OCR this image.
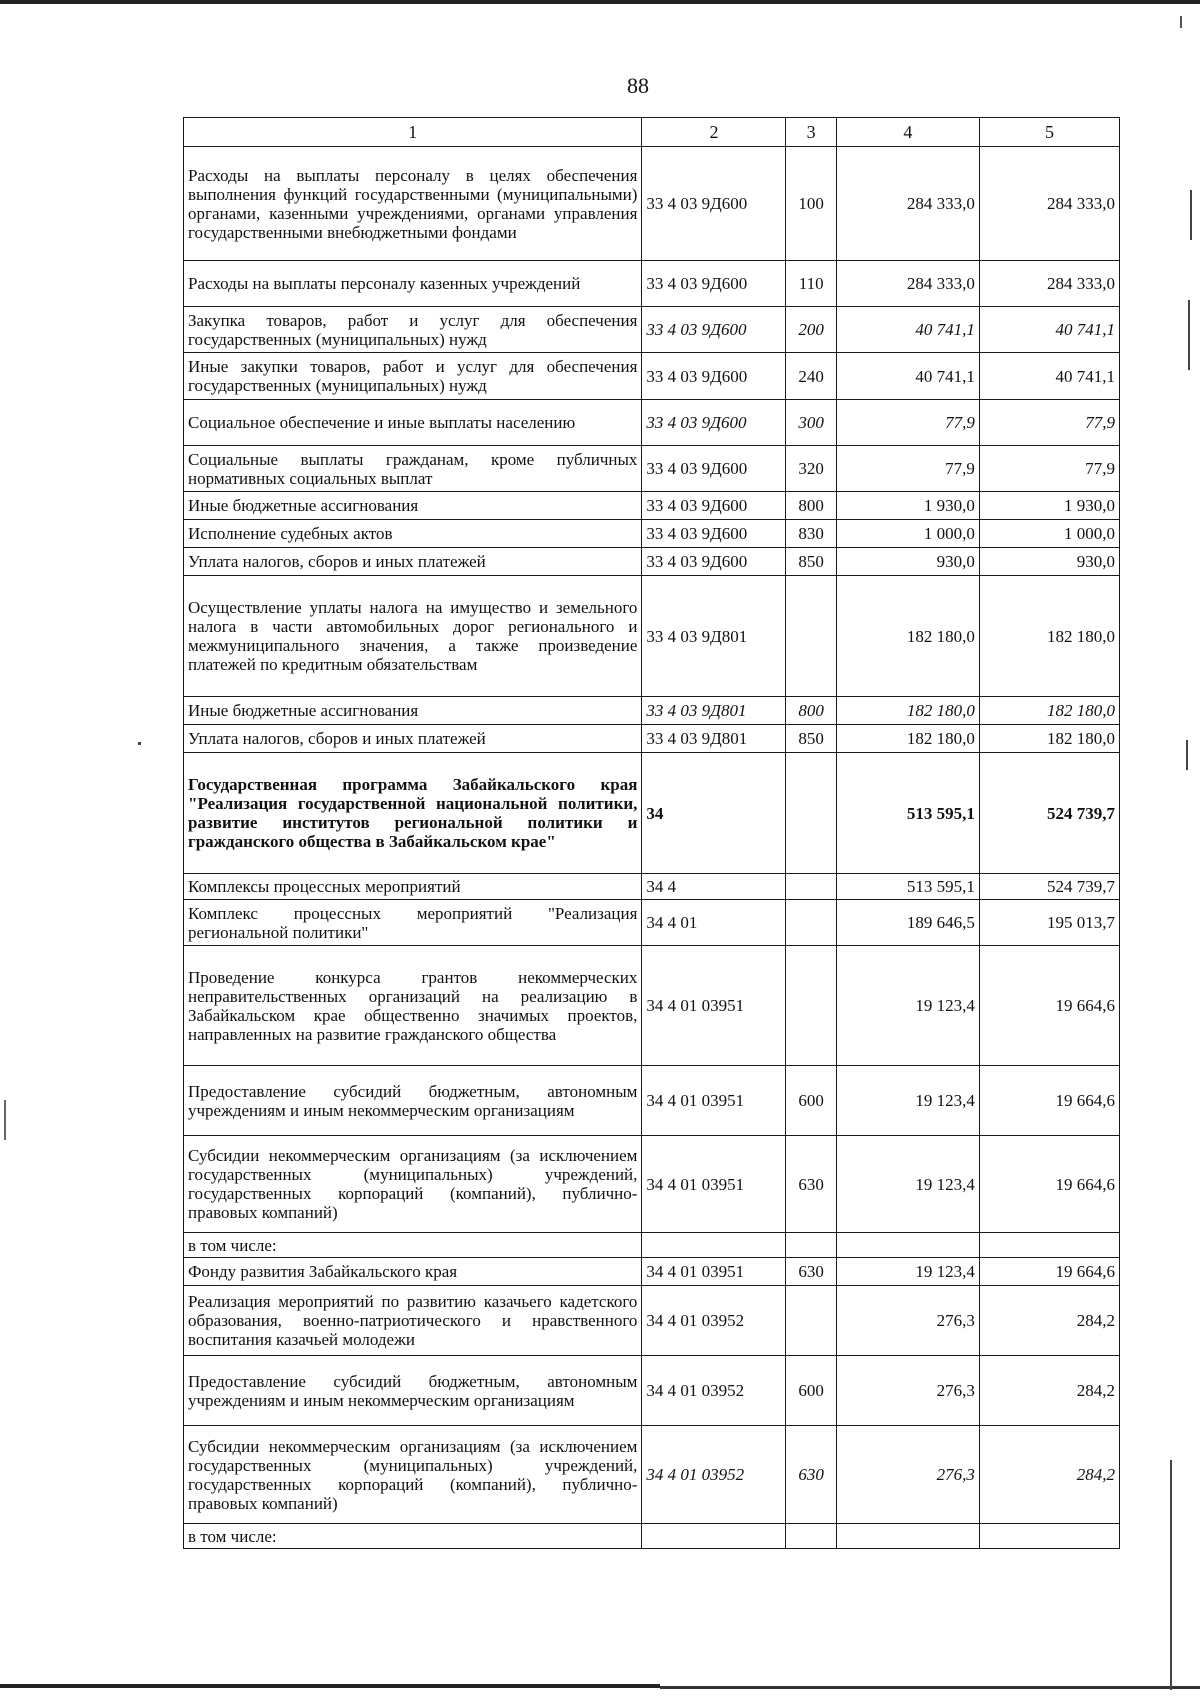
88
1	2	3	4	5
Расходы на выплаты персоналу в целях обеспечения выполнения функций государственными (муниципальными) органами, казенными учреждениями, органами управления государственными внебюджетными фондами	33 4 03 9Д600	100	284 333,0	284 333,0
Расходы на выплаты персоналу казенных учреждений	33 4 03 9Д600	110	284 333,0	284 333,0
Закупка товаров, работ и услуг для обеспечения государственных (муниципальных) нужд	33 4 03 9Д600	200	40 741,1	40 741,1
Иные закупки товаров, работ и услуг для обеспечения государственных (муниципальных) нужд	33 4 03 9Д600	240	40 741,1	40 741,1
Социальное обеспечение и иные выплаты населению	33 4 03 9Д600	300	77,9	77,9
Социальные выплаты гражданам, кроме публичных нормативных социальных выплат	33 4 03 9Д600	320	77,9	77,9
Иные бюджетные ассигнования	33 4 03 9Д600	800	1 930,0	1 930,0
Исполнение судебных актов	33 4 03 9Д600	830	1 000,0	1 000,0
Уплата налогов, сборов и иных платежей	33 4 03 9Д600	850	930,0	930,0
Осуществление уплаты налога на имущество и земельного налога в части автомобильных дорог регионального и межмуниципального значения, а также произведение платежей по кредитным обязательствам	33 4 03 9Д801		182 180,0	182 180,0
Иные бюджетные ассигнования	33 4 03 9Д801	800	182 180,0	182 180,0
Уплата налогов, сборов и иных платежей	33 4 03 9Д801	850	182 180,0	182 180,0
Государственная программа Забайкальского края "Реализация государственной национальной политики, развитие институтов региональной политики и гражданского общества в Забайкальском крае"	34		513 595,1	524 739,7
Комплексы процессных мероприятий	34 4		513 595,1	524 739,7
Комплекс процессных мероприятий "Реализация региональной политики"	34 4 01		189 646,5	195 013,7
Проведение конкурса грантов некоммерческих неправительственных организаций на реализацию в Забайкальском крае общественно значимых проектов, направленных на развитие гражданского общества	34 4 01 03951		19 123,4	19 664,6
Предоставление субсидий бюджетным, автономным учреждениям и иным некоммерческим организациям	34 4 01 03951	600	19 123,4	19 664,6
Субсидии некоммерческим организациям (за исключением государственных (муниципальных) учреждений, государственных корпораций (компаний), публично-правовых компаний)	34 4 01 03951	630	19 123,4	19 664,6
в том числе:				
Фонду развития Забайкальского края	34 4 01 03951	630	19 123,4	19 664,6
Реализация мероприятий по развитию казачьего кадетского образования, военно-патриотического и нравственного воспитания казачьей молодежи	34 4 01 03952		276,3	284,2
Предоставление субсидий бюджетным, автономным учреждениям и иным некоммерческим организациям	34 4 01 03952	600	276,3	284,2
Субсидии некоммерческим организациям (за исключением государственных (муниципальных) учреждений, государственных корпораций (компаний), публично-правовых компаний)	34 4 01 03952	630	276,3	284,2
в том числе:				
